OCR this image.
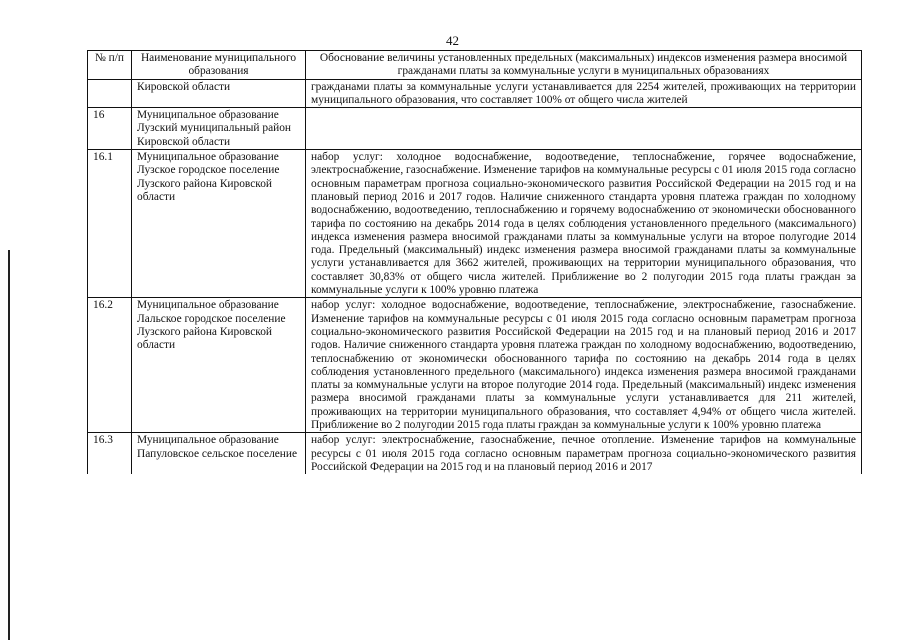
42
№ п/п	Наименование муниципального образования	Обоснование величины установленных предельных (максимальных) индексов изменения размера вносимой гражданами платы за коммунальные услуги в муниципальных образованиях
	Кировской области	гражданами платы за коммунальные услуги устанавливается для 2254 жителей, проживающих на территории муниципального образования, что составляет 100% от общего числа жителей
16	Муниципальное образование Лузский муниципальный район Кировской области	
16.1	Муниципальное образование Лузское городское поселение Лузского района Кировской области	набор услуг: холодное водоснабжение, водоотведение, теплоснабжение, горячее водоснабжение, электроснабжение, газоснабжение. Изменение тарифов на коммунальные ресурсы с 01 июля 2015 года согласно основным параметрам прогноза социально-экономического развития Российской Федерации на 2015 год и на плановый период 2016 и 2017 годов. Наличие сниженного стандарта уровня платежа граждан по холодному водоснабжению, водоотведению, теплоснабжению и горячему водоснабжению от экономически обоснованного тарифа по состоянию на декабрь 2014 года в целях соблюдения установленного предельного (максимального) индекса изменения размера вносимой гражданами платы за коммунальные услуги на второе полугодие 2014 года. Предельный (максимальный) индекс изменения размера вносимой гражданами платы за коммунальные услуги устанавливается для 3662 жителей, проживающих на территории муниципального образования, что составляет 30,83% от общего числа жителей. Приближение во 2 полугодии 2015 года платы граждан за коммунальные услуги к 100% уровню платежа
16.2	Муниципальное образование Лальское городское поселение Лузского района Кировской области	набор услуг: холодное водоснабжение, водоотведение, теплоснабжение, электроснабжение, газоснабжение. Изменение тарифов на коммунальные ресурсы с 01 июля 2015 года согласно основным параметрам прогноза социально-экономического развития Российской Федерации на 2015 год и на плановый период 2016 и 2017 годов. Наличие сниженного стандарта уровня платежа граждан по холодному водоснабжению, водоотведению, теплоснабжению от экономически обоснованного тарифа по состоянию на декабрь 2014 года в целях соблюдения установленного предельного (максимального) индекса изменения размера вносимой гражданами платы за коммунальные услуги на второе полугодие 2014 года. Предельный (максимальный) индекс изменения размера вносимой гражданами платы за коммунальные услуги устанавливается для 211 жителей, проживающих на территории муниципального образования, что составляет 4,94% от общего числа жителей. Приближение во 2 полугодии 2015 года платы граждан за коммунальные услуги к 100% уровню платежа
16.3	Муниципальное образование Папуловское сельское поселение	набор услуг: электроснабжение, газоснабжение, печное отопление. Изменение тарифов на коммунальные ресурсы с 01 июля 2015 года согласно основным параметрам прогноза социально-экономического развития Российской Федерации на 2015 год и на плановый период 2016 и 2017
